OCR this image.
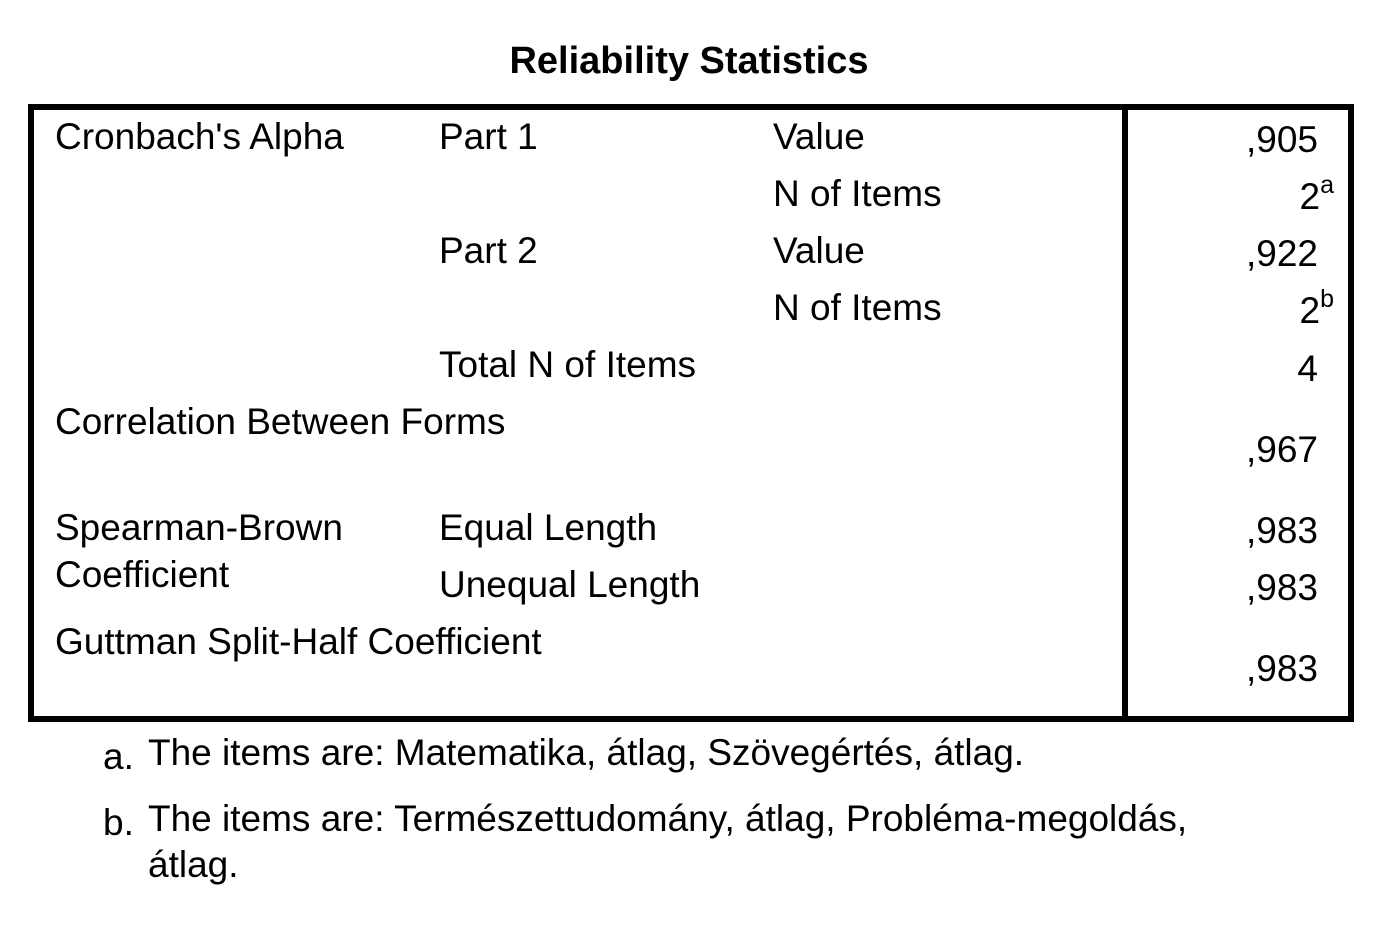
Reliability Statistics
Cronbach's Alpha
Correlation Between Forms
Spearman-Brown
Coefficient
Guttman Split-Half Coefficient
Part 1
Part 2
Total N of Items
Equal Length
Unequal Length
Value
N of Items
Value
N of Items
,905
2$^a$
,922
2$^b$
4
,967
,983
,983
,983
a. The items are: Matematika, átlag, Szövegértés, átlag.
b. The items are: Természettudomány, átlag, Probléma-megoldás, átlag.
